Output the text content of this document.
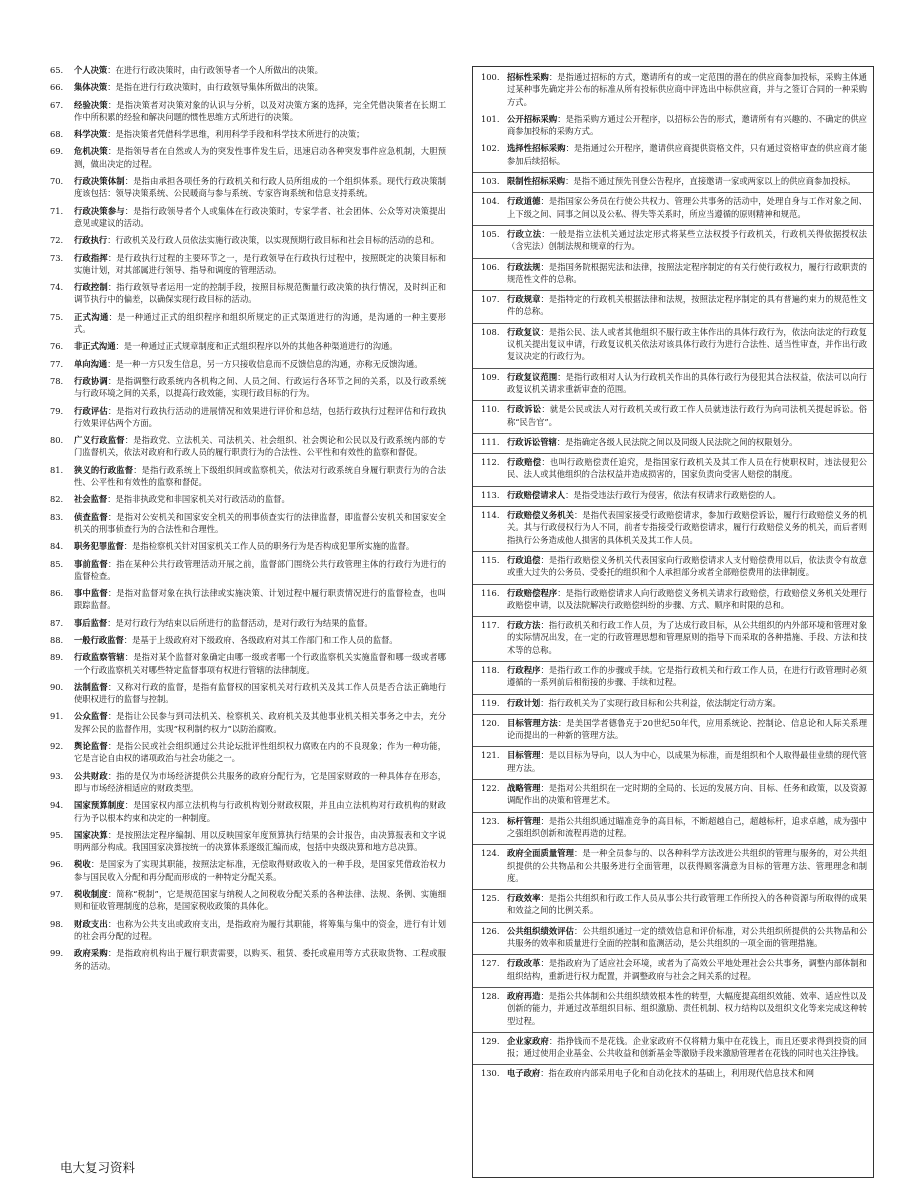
65.	个人决策：在进行行政决策时，由行政领导者一个人所做出的决策。
66.	集体决策：是指在进行行政决策时，由行政领导集体所做出的决策。
67.	经验决策：是指决策者对决策对象的认识与分析，以及对决策方案的选择，完全凭借决策者在长期工作中所积累的经验和解决问题的惯性思维方式所进行的决策。
68.	科学决策：是指决策者凭借科学思维，利用科学手段和科学技术所进行的决策；
69.	危机决策：是指领导者在自然或人为的突发性事件发生后，迅速启动各种突发事件应急机制，大胆预测，做出决定的过程。
70.	行政决策体制：是指由承担各项任务的行政机关和行政人员所组成的一个组织体系。现代行政决策制度该包括：领导决策系统、公民暖商与参与系统、专家咨询系统和信息支持系统。
71.	行政决策参与：是指行政领导者个人或集体在行政决策时，专家学者、社会团体、公众等对决策提出意见或建议的活动。
72.	行政执行：行政机关及行政人员依法实施行政决策，以实现预期行政目标和社会目标的活动的总和。
73.	行政指挥：是行政执行过程的主要环节之一，是行政领导在行政执行过程中，按照既定的决策目标和实施计划，对其部属进行领导、指导和调度的管理活动。
74.	行政控制：指行政领导者运用一定的控制手段，按照目标规范衡量行政决策的执行情况，及时纠正和调节执行中的偏差，以确保实现行政目标的活动。
75.	正式沟通：是一种通过正式的组织程序和组织所规定的正式渠道进行的沟通，是沟通的一种主要形式。
76.	非正式沟通：是一种通过正式规章制度和正式组织程序以外的其他各种渠道进行的沟通。
77.	单向沟通：是一种一方只发生信息，另一方只接收信息而不反馈信息的沟通，亦称无反馈沟通。
78.	行政协调：是指调整行政系统内各机构之间、人员之间、行政运行各环节之间的关系，以及行政系统与行政环境之间的关系，以提高行政效能，实现行政目标的行为。
79.	行政评估：是指对行政执行活动的进展情况和效果进行评价和总结，包括行政执行过程评估和行政执行效果评估两个方面。
80.	广义行政监督：是指政党、立法机关、司法机关、社会组织、社会舆论和公民以及行政系统内部的专门监督机关，依法对政府和行政人员的履行职责行为的合法性、公平性和有效性的监察和督促。
81.	狭义的行政监督：是指行政系统上下级组织间或监察机关，依法对行政系统自身履行职责行为的合法性、公平性和有效性的监察和督促。
82.	社会监督：是指非执政党和非国家机关对行政活动的监督。
83.	侦查监督：是指对公安机关和国家安全机关的刑事侦查实行的法律监督，即监督公安机关和国家安全机关的刑事侦查行为的合法性和合理性。
84.	职务犯罪监督：是指检察机关针对国家机关工作人员的职务行为是否构成犯罪所实施的监督。
85.	事前监督：指在某种公共行政管理活动开展之前，监督部门围绕公共行政管理主体的行政行为进行的监督检查。
86.	事中监督：是指对监督对象在执行法律或实施决策、计划过程中履行职责情况进行的监督检查，也叫跟踪监督。
87.	事后监督：是对行政行为结束以后所进行的监督活动，是对行政行为结果的监督。
88.	一般行政监督：是基于上级政府对下级政府、各级政府对其工作部门和工作人员的监督。
89.	行政监察管辖：是指对某个监督对象确定由哪一级或者哪一个行政监察机关实施监督和哪一级或者哪一个行政监察机关对哪些特定监督事项有权进行管辖的法律制度。
90.	法制监督：又称对行政的监督，是指有监督权的国家机关对行政机关及其工作人员是否合法正确地行使职权进行的监督与控制。
91.	公众监督：是指让公民参与到司法机关、检察机关、政府机关及其他事业机关相关事务之中去，充分发挥公民的监督作用，实现“权利制约权力”以防治腐败。
92.	舆论监督：是指公民或社会组织通过公共论坛批评性组织权力腐败在内的不良现象；作为一种功能，它是言论自由权的诸项政治与社会功能之一。
93.	公共财政：指的是仅为市场经济提供公共服务的政府分配行为，它是国家财政的一种具体存在形态，即与市场经济相适应的财政类型。
94.	国家预算制度：是国家权内部立法机构与行政机构划分财政权限，并且由立法机构对行政机构的财政行为予以根本约束和决定的一种制度。
95.	国家决算：是按照法定程序编制、用以反映国家年度预算执行结果的会计报告，由决算报表和文字说明两部分构成。我国国家决算按统一的决算体系逐级汇编而成，包括中央级决算和地方总决算。
96.	税收：是国家为了实现其职能，按照法定标准，无偿取得财政收入的一种手段，是国家凭借政治权力参与国民收入分配和再分配而形成的一种特定分配关系。
97.	税收制度：简称“税制”，它是规范国家与纳税人之间税收分配关系的各种法律、法规、条例、实施细则和征收管理制度的总称，是国家税收政策的具体化。
98.	财政支出：也称为公共支出或政府支出，是指政府为履行其职能，将筹集与集中的资金，进行有计划的社会再分配的过程。
99.	政府采购：是指政府机构出于履行职责需要，以购买、租赁、委托或雇用等方式获取货物、工程或服务的活动。
100. 招标性采购：是指通过招标的方式，邀请所有的或一定范围的潜在的供应商参加投标，采购主体通过某种事先确定并公布的标准从所有投标供应商中评选出中标供应商，并与之签订合同的一种采购方式。
101. 公开招标采购：是指采购方通过公开程序，以招标公告的形式，邀请所有有兴趣的、不确定的供应商参加投标的采购方式。
102. 选择性招标采购：是指通过公开程序，邀请供应商提供资格文件，只有通过资格审查的供应商才能参加后续招标。
103. 限制性招标采购：是指不通过预先刊登公告程序，直接邀请一家或两家以上的供应商参加投标。
104. 行政道德：是指国家公务员在行使公共权力、管理公共事务的活动中，处理自身与工作对象之间、上下级之间、同事之间以及公私、得失等关系时，所应当遵循的原则精神和规范。
105. 行政立法：一般是指立法机关通过法定形式将某些立法权授予行政机关，行政机关得依据授权法（含宪法）创制法规和规章的行为。
106. 行政法规：是指国务院根据宪法和法律，按照法定程序制定的有关行使行政权力，履行行政职责的规范性文件的总称。
107. 行政规章：是指特定的行政机关根据法律和法规，按照法定程序制定的具有普遍约束力的规范性文件的总称。
108. 行政复议：是指公民、法人或者其他组织不服行政主体作出的具体行政行为，依法向法定的行政复议机关提出复议申请，行政复议机关依法对该具体行政行为进行合法性、适当性审查，并作出行政复议决定的行政行为。
109. 行政复议范围：是指行政相对人认为行政机关作出的具体行政行为侵犯其合法权益，依法可以向行政复议机关请求重新审查的范围。
110. 行政诉讼：就是公民或法人对行政机关或行政工作人员就违法行政行为向司法机关提起诉讼。俗称“民告官”。
111. 行政诉讼管辖：是指确定各级人民法院之间以及同级人民法院之间的权限划分。
112. 行政赔偿：也叫行政赔偿责任追究，是指国家行政机关及其工作人员在行使职权时，违法侵犯公民、法人或其他组织的合法权益并造成损害的，国家负责向受害人赔偿的制度。
113. 行政赔偿请求人：是指受违法行政行为侵害，依法有权请求行政赔偿的人。
114. 行政赔偿义务机关：是指代表国家接受行政赔偿请求，参加行政赔偿诉讼，履行行政赔偿义务的机关。其与行政侵权行为人不同，前者专指接受行政赔偿请求，履行行政赔偿义务的机关，而后者则指执行公务造成他人损害的具体机关及其工作人员。
115. 行政追偿：是指行政赔偿义务机关代表国家向行政赔偿请求人支付赔偿费用以后，依法责令有故意或重大过失的公务员、受委托的组织和个人承担部分或者全部赔偿费用的法律制度。
116. 行政赔偿程序：是指行政赔偿请求人向行政赔偿义务机关请求行政赔偿，行政赔偿义务机关处理行政赔偿申请，以及法院解决行政赔偿纠纷的步骤、方式、顺序和时限的总和。
117. 行政方法：指行政机关和行政工作人员，为了达成行政目标，从公共组织的内外部环境和管理对象的实际情况出发，在一定的行政管理思想和管理原则的指导下而采取的各种措施、手段、方法和技术等的总称。
118. 行政程序：是指行政工作的步骤或手续。它是指行政机关和行政工作人员，在进行行政管理时必须遵循的一系列前后相衔接的步骤、手续和过程。
119. 行政计划：指行政机关为了实现行政目标和公共利益，依法制定行动方案。
120. 目标管理方法：是美国学者德鲁克于20世纪50年代，应用系统论、控制论、信息论和人际关系理论而提出的一种新的管理方法。
121. 目标管理：是以目标为导向，以人为中心，以成果为标准，而是组织和个人取得最佳业绩的现代管理方法。
122. 战略管理：是指对公共组织在一定时期的全局的、长远的发展方向、目标、任务和政策，以及资源调配作出的决策和管理艺术。
123. 标杆管理：是指公共组织通过瞄准竞争的高目标，不断超越自己，超越标杆，追求卓越，成为强中之强组织创新和流程再造的过程。
124. 政府全面质量管理：是一种全员参与的、以各种科学方法改进公共组织的管理与服务的，对公共组织提供的公共物品和公共服务进行全面管理，以获得顾客满意为目标的管理方法、管理理念和制度。
125. 行政效率：是指公共组织和行政工作人员从事公共行政管理工作所投入的各种资源与所取得的成果和效益之间的比例关系。
126. 公共组织绩效评估：公共组织通过一定的绩效信息和评价标准，对公共组织所提供的公共物品和公共服务的效率和质量进行全面的控制和监测活动，是公共组织的一项全面的管理措施。
127. 行政改革：是指政府为了适应社会环境，或者为了高效公平地处理社会公共事务，调整内部体制和组织结构，重新进行权力配置，并调整政府与社会之间关系的过程。
128. 政府再造：是指公共体制和公共组织绩效根本性的转型，大幅度提高组织效能、效率、适应性以及创新的能力，并通过改革组织目标、组织激励、责任机制、权力结构以及组织文化等来完成这种转型过程。
129. 企业家政府：指挣钱而不是花钱。企业家政府不仅将精力集中在花钱上，而且还要求得到投资的回报；通过使用企业基金、公共收益和创新基金等激励手段来激励管理者在花钱的同时也关注挣钱。
130. 电子政府：指在政府内部采用电子化和自动化技术的基础上，利用现代信息技术和网
电大复习资料
